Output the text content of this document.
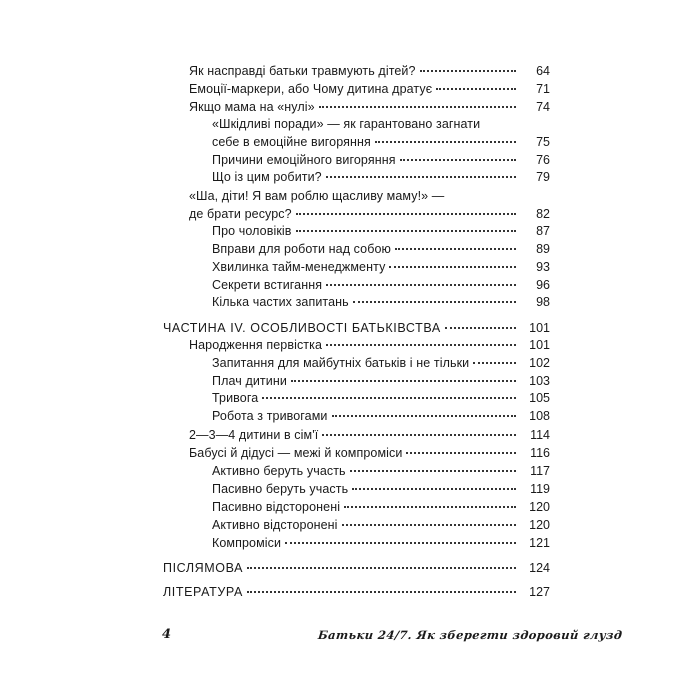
Як насправді батьки травмують дітей?	64
Емоції-маркери, або Чому дитина дратує	71
Якщо мама на «нулі»	74
«Шкідливі поради» — як гарантовано загнати
себе в емоційне вигоряння	75
Причини емоційного вигоряння	76
Що із цим робити?	79
«Ша, діти! Я вам роблю щасливу маму!» —
де брати ресурс?	82
Про чоловіків	87
Вправи для роботи над собою	89
Хвилинка тайм-менеджменту	93
Секрети встигання	96
Кілька частих запитань	98
ЧАСТИНА IV. ОСОБЛИВОСТІ БАТЬКІВСТВА	101
Народження первістка	101
Запитання для майбутніх батьків і не тільки	102
Плач дитини	103
Тривога	105
Робота з тривогами	108
2—3—4 дитини в сім'ї	114
Бабусі й дідусі — межі й компроміси	116
Активно беруть участь	117
Пасивно беруть участь	119
Пасивно відсторонені	120
Активно відсторонені	120
Компроміси	121
ПІСЛЯМОВА	124
ЛІТЕРАТУРА	127
4	Батьки 24/7. Як зберегти здоровий глузд
